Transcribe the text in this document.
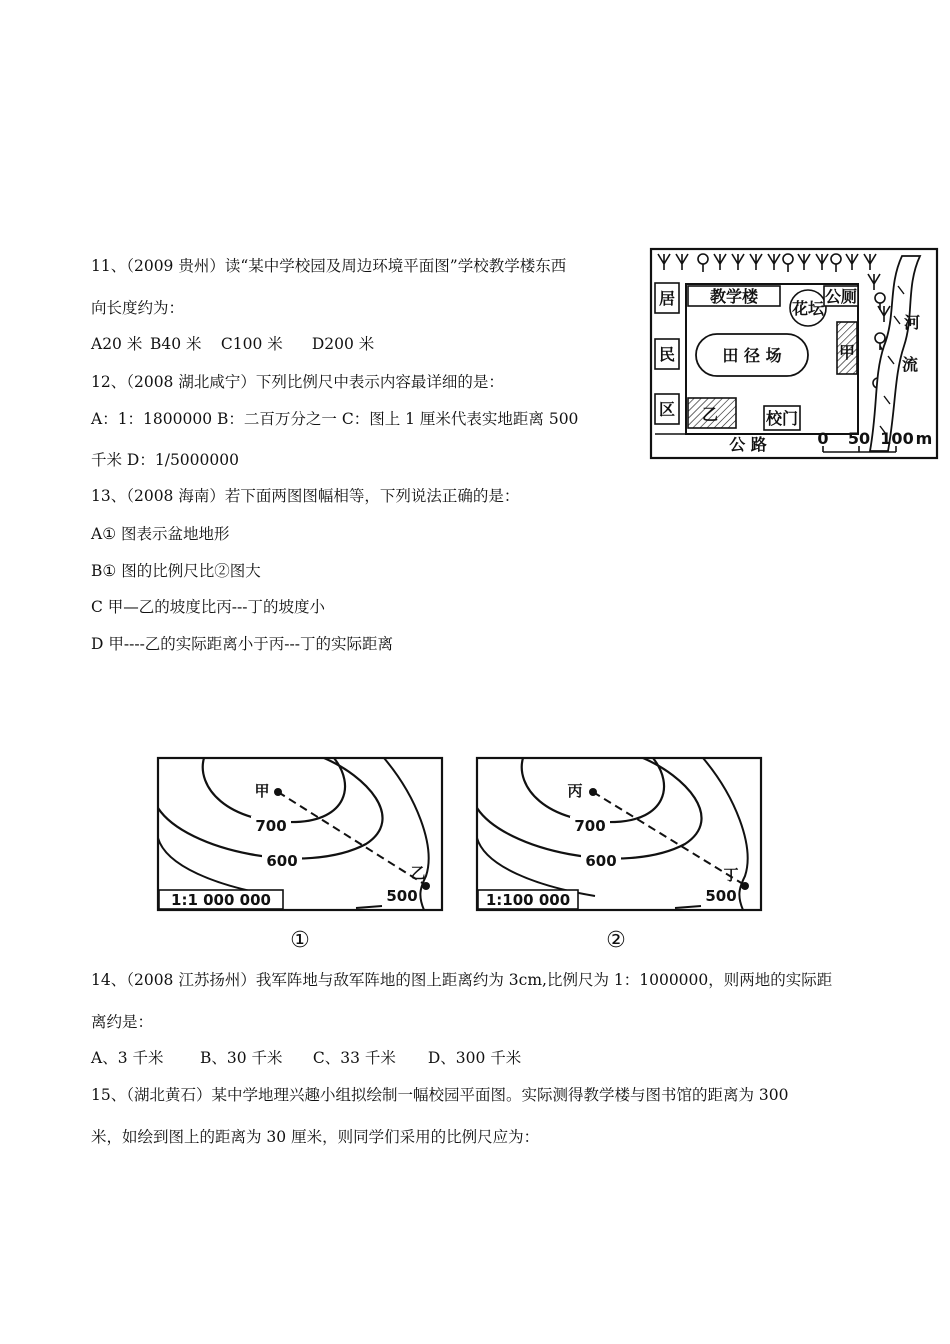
11、（2009 贵州）读“某中学校园及周边环境平面图”学校教学楼东西
向长度约为：
A20 米 B40 米 C100 米 D200 米
12、（2008 湖北咸宁）下列比例尺中表示内容最详细的是：
A：1：1800000 B：二百万分之一 C：图上 1 厘米代表实地距离 500
千米 D：1/5000000
13、（2008 海南）若下面两图图幅相等，下列说法正确的是：
A① 图表示盆地地形
B① 图的比例尺比②图大
C 甲—乙的坡度比丙---丁的坡度小
D 甲----乙的实际距离小于丙---丁的实际距离
居
民
区
教学楼
花坛
公厕
田 径 场	甲
乙	校门
公 路
河
流
0 50 100 m
甲
乙
700
600
500
1:1 000 000
丙
丁
700
600
500
1:100 000
①	②
14、（2008 江苏扬州）我军阵地与敌军阵地的图上距离约为 3cm,比例尺为 1：1000000，则两地的实际距
离约是：
A、3 千米 B、30 千米 C、33 千米 D、300 千米
15、（湖北黄石）某中学地理兴趣小组拟绘制一幅校园平面图。实际测得教学楼与图书馆的距离为 300
米，如绘到图上的距离为 30 厘米，则同学们采用的比例尺应为：
